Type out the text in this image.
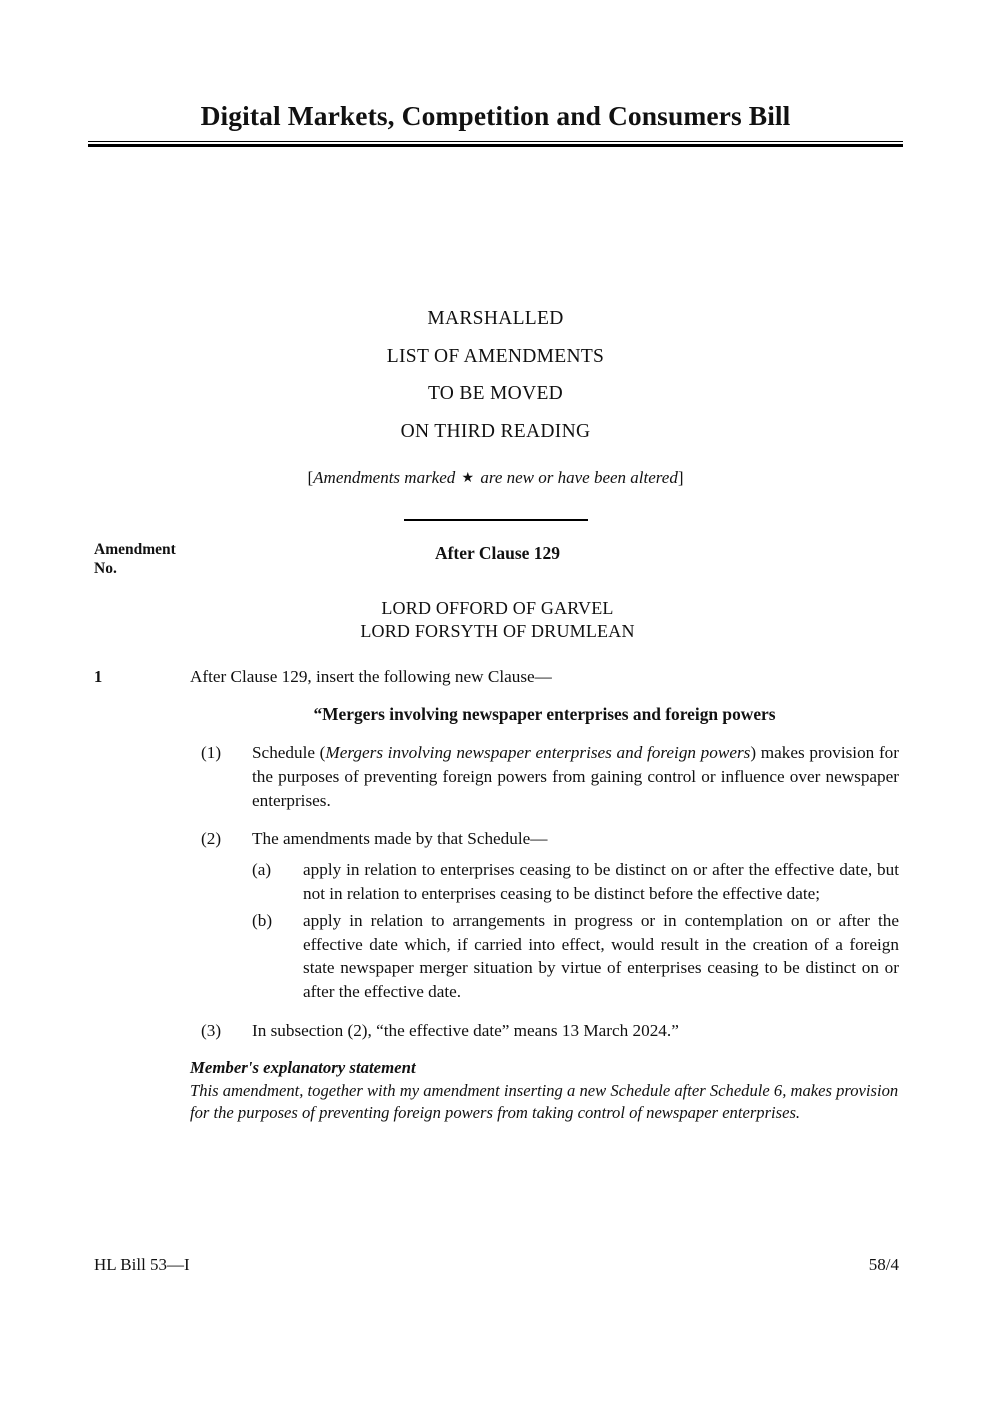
Digital Markets, Competition and Consumers Bill
MARSHALLED
LIST OF AMENDMENTS
TO BE MOVED
ON THIRD READING
[Amendments marked ★ are new or have been altered]
Amendment
No.
After Clause 129
LORD OFFORD OF GARVEL
LORD FORSYTH OF DRUMLEAN
1	After Clause 129, insert the following new Clause—
“Mergers involving newspaper enterprises and foreign powers
(1)	Schedule (Mergers involving newspaper enterprises and foreign powers) makes provision for the purposes of preventing foreign powers from gaining control or influence over newspaper enterprises.
(2)	The amendments made by that Schedule—
(a)	apply in relation to enterprises ceasing to be distinct on or after the effective date, but not in relation to enterprises ceasing to be distinct before the effective date;
(b)	apply in relation to arrangements in progress or in contemplation on or after the effective date which, if carried into effect, would result in the creation of a foreign state newspaper merger situation by virtue of enterprises ceasing to be distinct on or after the effective date.
(3)	In subsection (2), “the effective date” means 13 March 2024.”
Member's explanatory statement
This amendment, together with my amendment inserting a new Schedule after Schedule 6, makes provision for the purposes of preventing foreign powers from taking control of newspaper enterprises.
HL Bill 53—I	58/4
